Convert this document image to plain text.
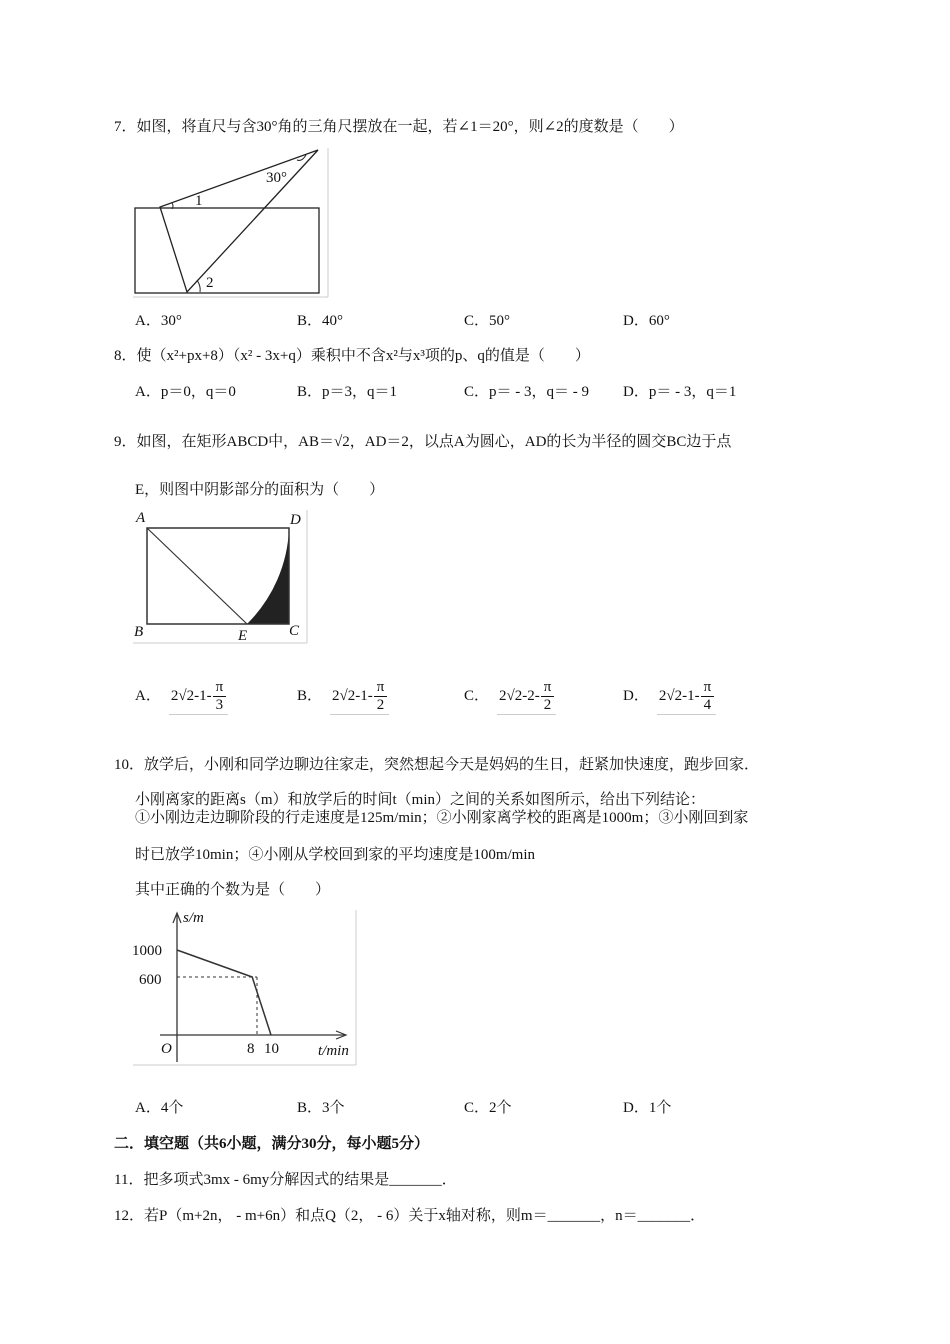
7．如图，将直尺与含30°角的三角尺摆放在一起，若∠1＝20°，则∠2的度数是（　　）
30°
1
2
A．30°	B．40°	C．50°	D．60°
8．使（x²+px+8）（x² - 3x+q）乘积中不含x²与x³项的p、q的值是（　　）
A．p＝0，q＝0	B．p＝3，q＝1	C．p＝ - 3，q＝ - 9 D．p＝ - 3，q＝1
9．如图，在矩形ABCD中，AB＝√2，AD＝2，以点A为圆心，AD的长为半径的圆交BC边于点
E，则图中阴影部分的面积为（　　）
A	D
B	E	C
A． $2√2-1- \frac{\pi}{3}$	B． $2√2-1- \frac{\pi}{2}$	C． $2√2-2- \frac{\pi}{2}$	D． $2√2-1- \frac{\pi}{4}$
10．放学后，小刚和同学边聊边往家走，突然想起今天是妈妈的生日，赶紧加快速度，跑步回家．
小刚离家的距离s（m）和放学后的时间t（min）之间的关系如图所示，给出下列结论：
①小刚边走边聊阶段的行走速度是125m/min；②小刚家离学校的距离是1000m；③小刚回到家
时已放学10min；④小刚从学校回到家的平均速度是100m/min
其中正确的个数为是（　　）
s/m
1000
600
O	8 10	t/min
A．4个	B．3个	C．2个	D．1个
二．填空题（共6小题，满分30分，每小题5分）
11．把多项式3mx - 6my分解因式的结果是_______．
12．若P（m+2n， - m+6n）和点Q（2， - 6）关于x轴对称，则m＝_______，n＝_______．
